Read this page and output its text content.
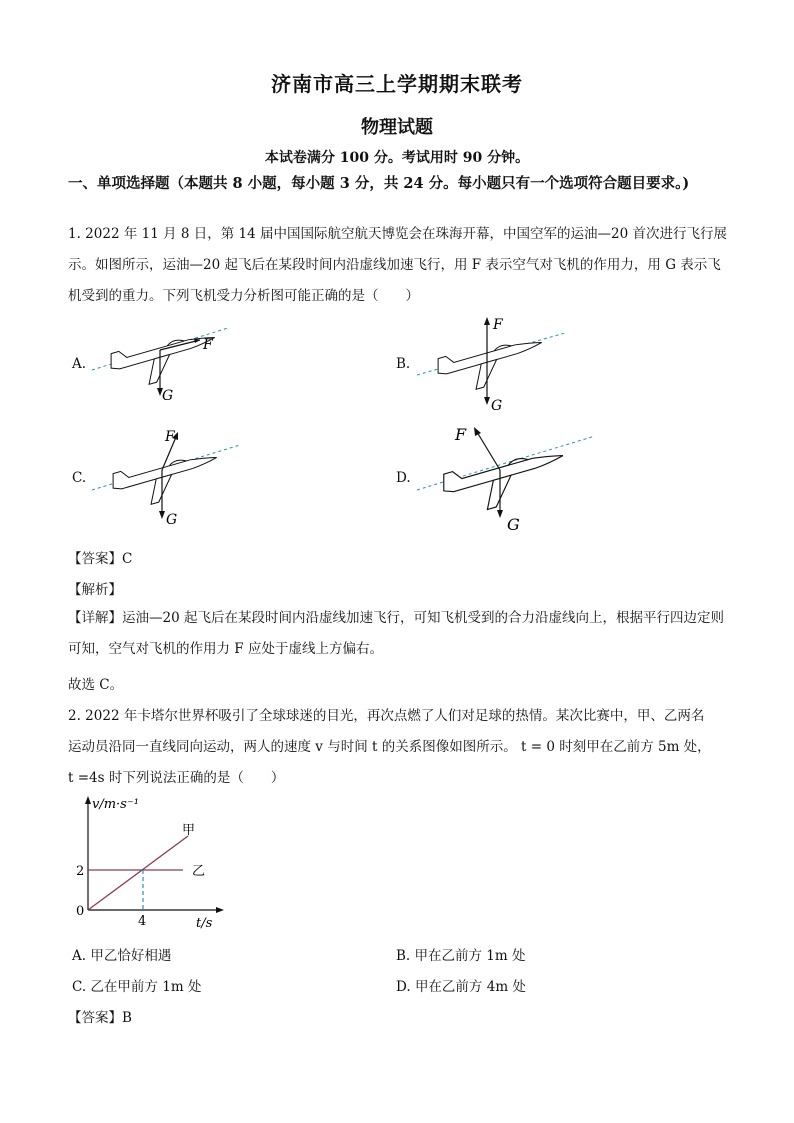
济南市高三上学期期末联考
物理试题
本试卷满分 100 分。考试用时 90 分钟。
一、单项选择题（本题共 8 小题，每小题 3 分，共 24 分。每小题只有一个选项符合题目要求。)
1. 2022 年 11 月 8 日，第 14 届中国国际航空航天博览会在珠海开幕，中国空军的运油—20 首次进行飞行展示。如图所示，运油—20 起飞后在某段时间内沿虚线加速飞行，用 F 表示空气对飞机的作用力，用 G 表示飞机受到的重力。下列飞机受力分析图可能正确的是（　　）
A.	B.
C.	D.
F
G
F
G
F
G
F
G
【答案】C
【解析】
【详解】运油—20 起飞后在某段时间内沿虚线加速飞行，可知飞机受到的合力沿虚线向上，根据平行四边定则可知，空气对飞机的作用力 F 应处于虚线上方偏右。
故选 C。
2. 2022 年卡塔尔世界杯吸引了全球球迷的目光，再次点燃了人们对足球的热情。某次比赛中，甲、乙两名
运动员沿同一直线同向运动，两人的速度 v 与时间 t 的关系图像如图所示。 t = 0 时刻甲在乙前方 5m 处，
t =4s 时下列说法正确的是（　　）
v/m·s⁻¹
t/s
0
2
4
甲
乙
A. 甲乙恰好相遇	B. 甲在乙前方 1m 处
C. 乙在甲前方 1m 处	D. 甲在乙前方 4m 处
【答案】B
